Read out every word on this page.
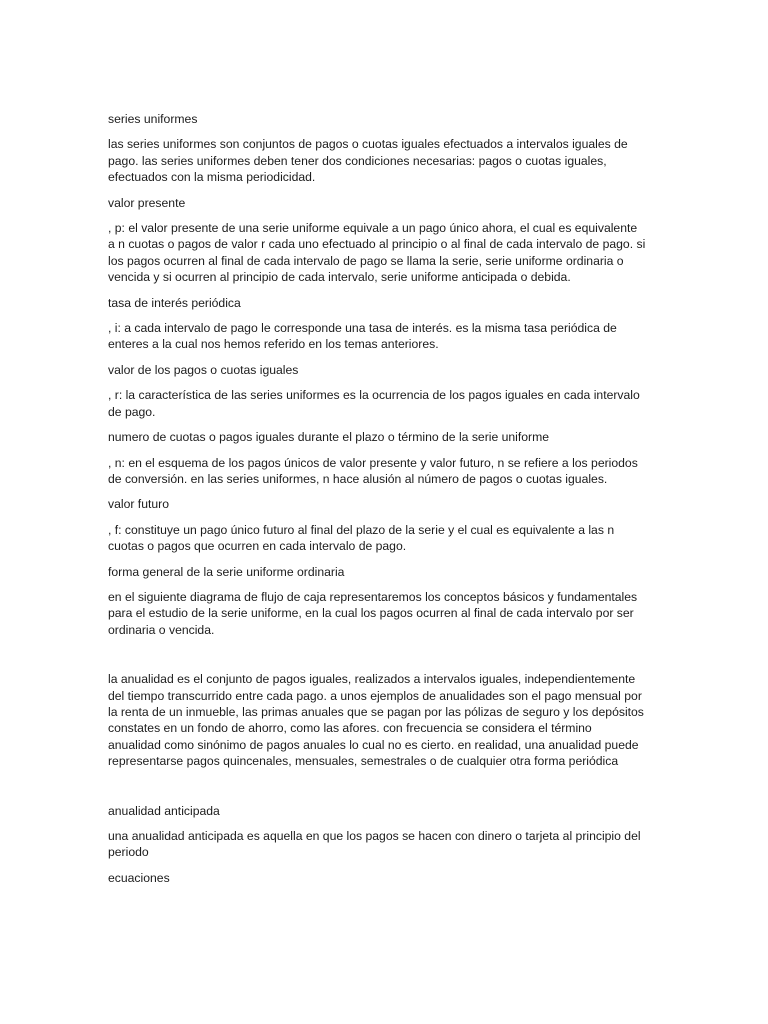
series uniformes

las series uniformes son conjuntos de pagos o cuotas iguales efectuados a intervalos iguales de
pago. las series uniformes deben tener dos condiciones necesarias: pagos o cuotas iguales,
efectuados con la misma periodicidad.

valor presente

, p: el valor presente de una serie uniforme equivale a un pago único ahora, el cual es equivalente
a n cuotas o pagos de valor r cada uno efectuado al principio o al final de cada intervalo de pago. si
los pagos ocurren al final de cada intervalo de pago se llama la serie, serie uniforme ordinaria o
vencida y si ocurren al principio de cada intervalo, serie uniforme anticipada o debida.

tasa de interés periódica

, i: a cada intervalo de pago le corresponde una tasa de interés. es la misma tasa periódica de
enteres a la cual nos hemos referido en los temas anteriores.

valor de los pagos o cuotas iguales

, r: la característica de las series uniformes es la ocurrencia de los pagos iguales en cada intervalo
de pago.

numero de cuotas o pagos iguales durante el plazo o término de la serie uniforme

, n: en el esquema de los pagos únicos de valor presente y valor futuro, n se refiere a los periodos
de conversión. en las series uniformes, n hace alusión al número de pagos o cuotas iguales.

valor futuro

, f: constituye un pago único futuro al final del plazo de la serie y el cual es equivalente a las n
cuotas o pagos que ocurren en cada intervalo de pago.

forma general de la serie uniforme ordinaria

en el siguiente diagrama de flujo de caja representaremos los conceptos básicos y fundamentales
para el estudio de la serie uniforme, en la cual los pagos ocurren al final de cada intervalo por ser
ordinaria o vencida.

la anualidad es el conjunto de pagos iguales, realizados a intervalos iguales, independientemente
del tiempo transcurrido entre cada pago. a unos ejemplos de anualidades son el pago mensual por
la renta de un inmueble, las primas anuales que se pagan por las pólizas de seguro y los depósitos
constates en un fondo de ahorro, como las afores. con frecuencia se considera el término
anualidad como sinónimo de pagos anuales lo cual no es cierto. en realidad, una anualidad puede
representarse pagos quincenales, mensuales, semestrales o de cualquier otra forma periódica

anualidad anticipada

una anualidad anticipada es aquella en que los pagos se hacen con dinero o tarjeta al principio del
periodo

ecuaciones
